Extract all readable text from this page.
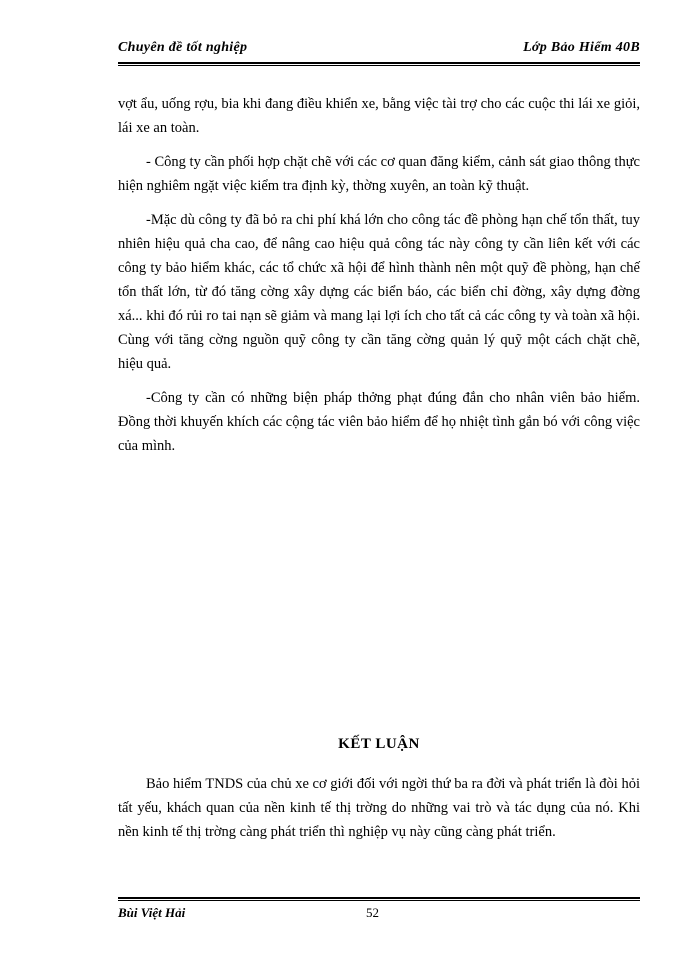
Chuyên đề tốt nghiệp	Lớp Bảo Hiểm 40B

vợt ẩu, uống rợu, bia khi đang điều khiển xe, bằng việc tài trợ cho các cuộc thi lái xe giỏi, lái xe an toàn.

- Công ty cần phối hợp chặt chẽ với các cơ quan đăng kiểm, cảnh sát giao thông thực hiện nghiêm ngặt việc kiểm tra định kỳ, thờng xuyên, an toàn kỹ thuật.

-Mặc dù công ty đã bỏ ra chi phí khá lớn cho công tác đề phòng hạn chế tổn thất, tuy nhiên hiệu quả cha cao, để nâng cao hiệu quả công tác này công ty cần liên kết với các công ty bảo hiểm khác, các tổ chức xã hội để hình thành nên một quỹ đề phòng, hạn chế tổn thất lớn, từ đó tăng cờng xây dựng các biển báo, các biển chỉ đờng, xây dựng đờng xá... khi đó rủi ro tai nạn sẽ giảm và mang lại lợi ích cho tất cả các công ty và toàn xã hội. Cùng với tăng cờng nguồn quỹ công ty cần tăng cờng quản lý quỹ một cách chặt chẽ, hiệu quả.

-Công ty cần có những biện pháp thởng phạt đúng đắn cho nhân viên bảo hiểm. Đồng thời khuyến khích các cộng tác viên bảo hiểm để họ nhiệt tình gắn bó với công việc của mình.

KẾT LUẬN

Bảo hiểm TNDS của chủ xe cơ giới đối với ngời thứ ba ra đời và phát triển là đòi hỏi tất yếu, khách quan của nền kinh tế thị trờng do những vai trò và tác dụng của nó. Khi nền kinh tế thị trờng càng phát triển thì nghiệp vụ này cũng càng phát triển.

Bùi Việt Hải	52
